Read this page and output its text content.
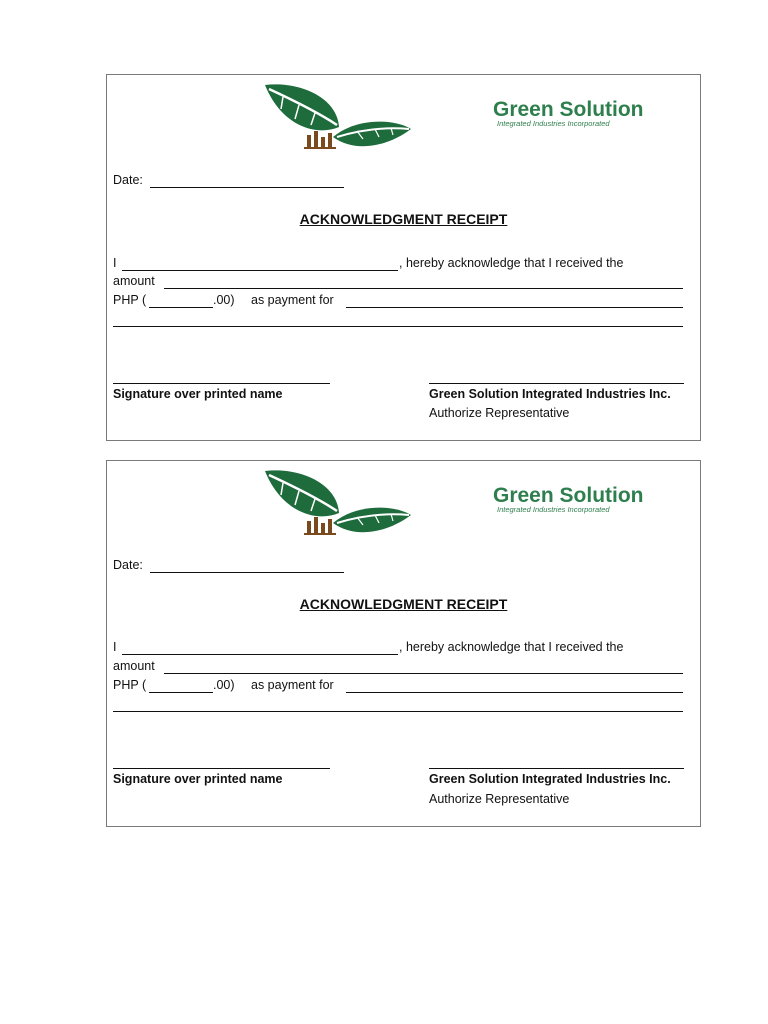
Green Solution
Integrated Industries Incorporated
Date:
ACKNOWLEDGMENT RECEIPT
I	, hereby acknowledge that I received the
amount
PHP (	.00) as payment for
Signature over printed name	Green Solution Integrated Industries Inc.
Authorize Representative
Green Solution
Integrated Industries Incorporated
Date:
ACKNOWLEDGMENT RECEIPT
I	, hereby acknowledge that I received the
amount
PHP (	.00) as payment for
Signature over printed name	Green Solution Integrated Industries Inc.
Authorize Representative
